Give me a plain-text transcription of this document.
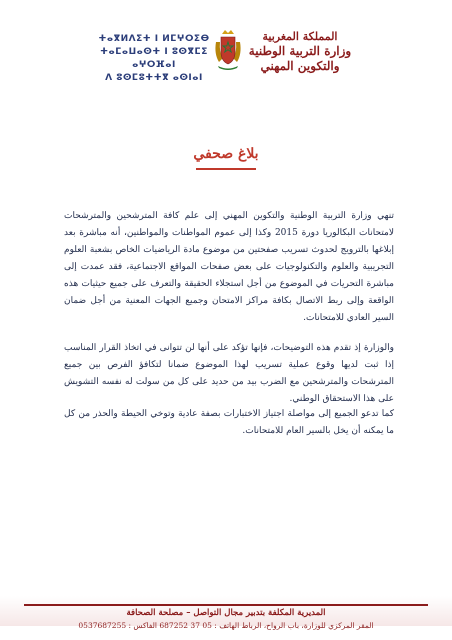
المملكة المغربية
وزارة التربية الوطنية
والتكوين المهني
ⵜⴰⴳⵍⴷⵉⵜ ⵏ ⵍⵎⵖⵔⵉⴱ
ⵜⴰⵎⴰⵡⴰⵙⵜ ⵏ ⵓⵙⴳⵎⵉ ⴰⵖⵔⴼⴰⵏ
ⴷ ⵓⵙⵎⵓⵜⵜⴳ ⴰⵙⵏⴰⵏ
بلاغ صحفي
تنهي وزارة التربية الوطنية والتكوين المهني إلى علم كافة المترشحين والمترشحات لامتحانات البكالوريا دورة 2015 وكذا إلى عموم المواطنات والمواطنين، أنه مباشرة بعد إبلاغها بالترويج لحدوث تسريب صفحتين من موضوع مادة الرياضيات الخاص بشعبة العلوم التجريبية والعلوم والتكنولوجيات على بعض صفحات المواقع الاجتماعية، فقد عمدت إلى مباشرة التحريات في الموضوع من أجل استجلاء الحقيقة والتعرف على جميع حيثيات هذه الواقعة وإلى ربط الاتصال بكافة مراكز الامتحان وجميع الجهات المعنية من أجل ضمان السير العادي للامتحانات.
والوزارة إذ تقدم هذه التوضيحات، فإنها تؤكد على أنها لن تتوانى في اتخاذ القرار المناسب إذا ثبت لديها وقوع عملية تسريب لهذا الموضوع ضمانا لتكافؤ الفرص بين جميع المترشحات والمترشحين مع الضرب بيد من حديد على كل من سولت له نفسه التشويش على هذا الاستحقاق الوطني.
كما تدعو الجميع إلى مواصلة اجتياز الاختبارات بصفة عادية وتوخي الحيطة والحذر من كل ما يمكنه أن يخل بالسير العام للامتحانات.
المديرية المكلفة بتدبير مجال التواصل – مصلحة الصحافة
المقر المركزي للوزارة، باب الرواح، الرباط الهاتف : 05 37 687252 الفاكس : 0537687255
